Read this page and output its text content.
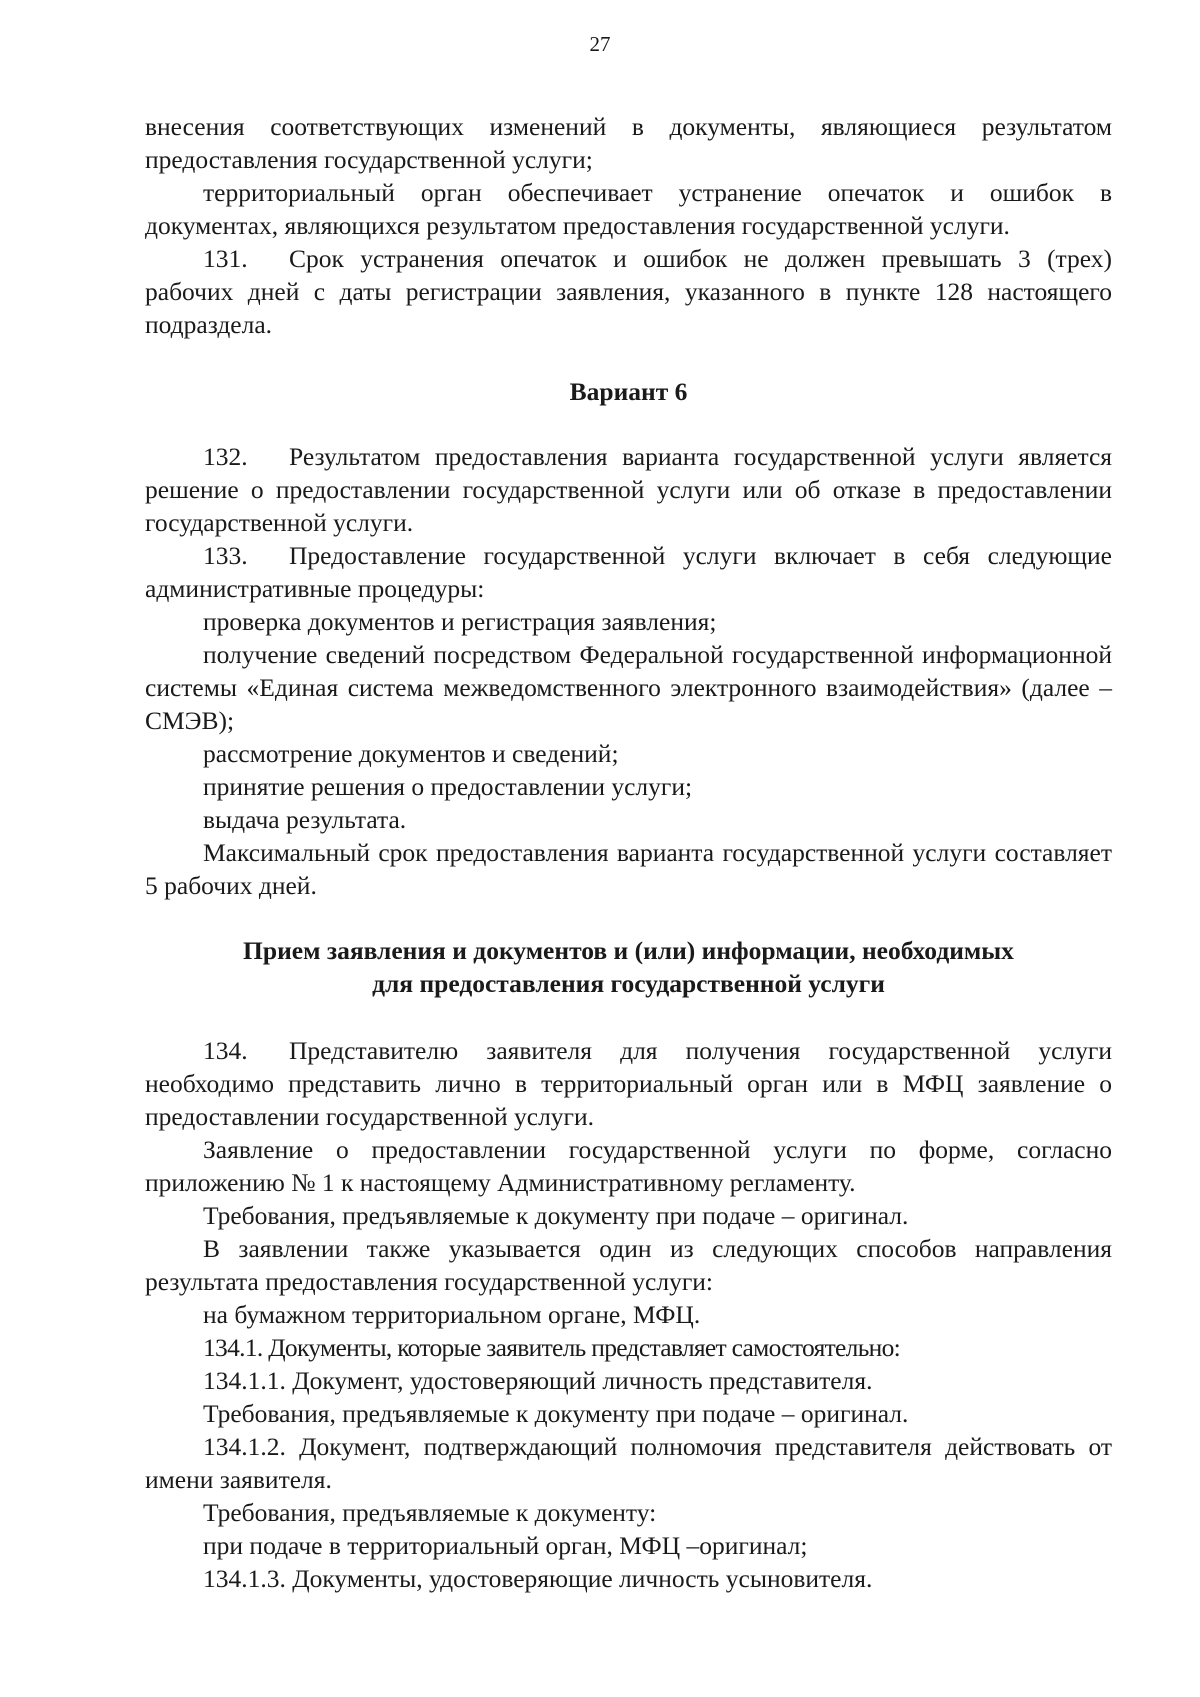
27

внесения соответствующих изменений в документы, являющиеся результатом предоставления государственной услуги;

территориальный орган обеспечивает устранение опечаток и ошибок в документах, являющихся результатом предоставления государственной услуги.

131. Срок устранения опечаток и ошибок не должен превышать 3 (трех) рабочих дней с даты регистрации заявления, указанного в пункте 128 настоящего подраздела.

Вариант 6

132. Результатом предоставления варианта государственной услуги является решение о предоставлении государственной услуги или об отказе в предоставлении государственной услуги.

133. Предоставление государственной услуги включает в себя следующие административные процедуры:

проверка документов и регистрация заявления;

получение сведений посредством Федеральной государственной информационной системы «Единая система межведомственного электронного взаимодействия» (далее – СМЭВ);

рассмотрение документов и сведений;

принятие решения о предоставлении услуги;

выдача результата.

Максимальный срок предоставления варианта государственной услуги составляет 5 рабочих дней.

Прием заявления и документов и (или) информации, необходимых
для предоставления государственной услуги

134. Представителю заявителя для получения государственной услуги необходимо представить лично в территориальный орган или в МФЦ заявление о предоставлении государственной услуги.

Заявление о предоставлении государственной услуги по форме, согласно приложению № 1 к настоящему Административному регламенту.

Требования, предъявляемые к документу при подаче – оригинал.

В заявлении также указывается один из следующих способов направления результата предоставления государственной услуги:

на бумажном территориальном органе, МФЦ.

134.1. Документы, которые заявитель представляет самостоятельно:

134.1.1. Документ, удостоверяющий личность представителя.

Требования, предъявляемые к документу при подаче – оригинал.

134.1.2. Документ, подтверждающий полномочия представителя действовать от имени заявителя.

Требования, предъявляемые к документу:

при подаче в территориальный орган, МФЦ –оригинал;

134.1.3. Документы, удостоверяющие личность усыновителя.
